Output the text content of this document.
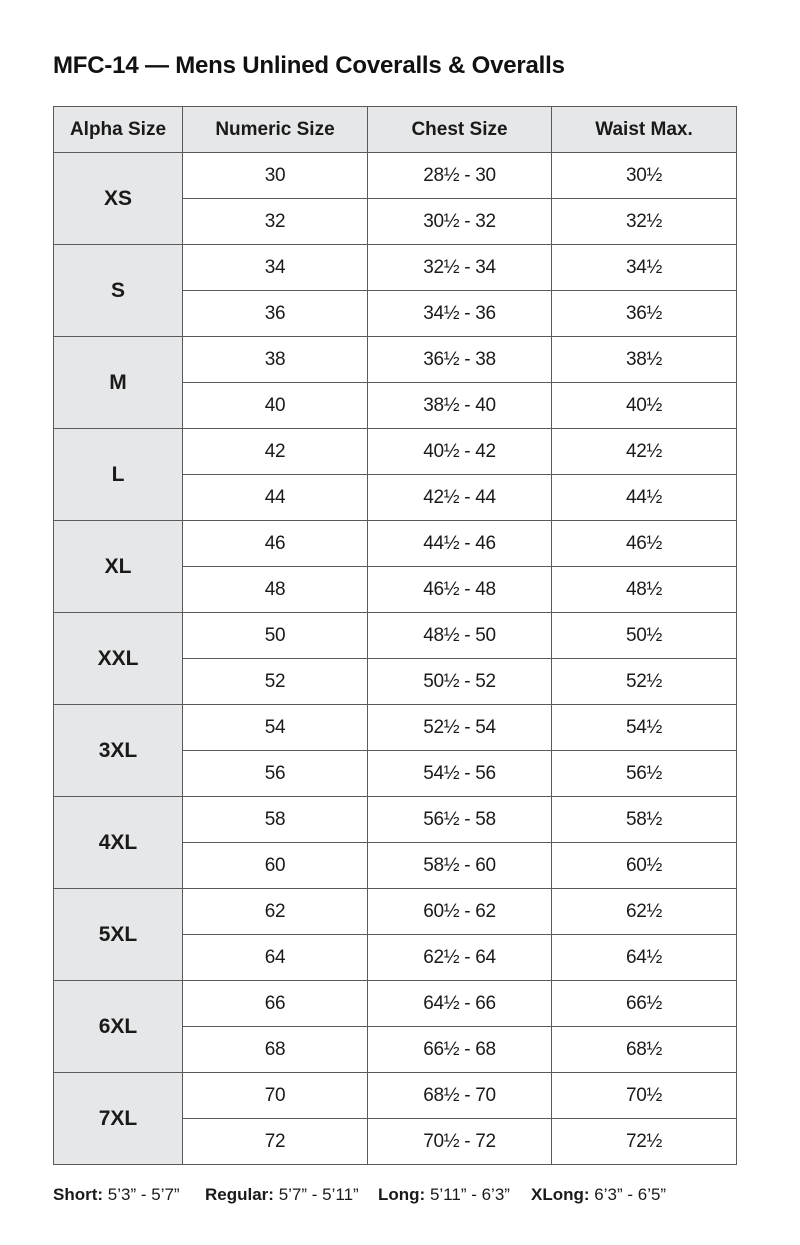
MFC-14 — Mens Unlined Coveralls & Overalls
Alpha Size	Numeric Size	Chest Size	Waist Max.
XS	30	28½ - 30	30½
	32	30½ - 32	32½
S	34	32½ - 34	34½
	36	34½ - 36	36½
M	38	36½ - 38	38½
	40	38½ - 40	40½
L	42	40½ - 42	42½
	44	42½ - 44	44½
XL	46	44½ - 46	46½
	48	46½ - 48	48½
XXL	50	48½ - 50	50½
	52	50½ - 52	52½
3XL	54	52½ - 54	54½
	56	54½ - 56	56½
4XL	58	56½ - 58	58½
	60	58½ - 60	60½
5XL	62	60½ - 62	62½
	64	62½ - 64	64½
6XL	66	64½ - 66	66½
	68	66½ - 68	68½
7XL	70	68½ - 70	70½
	72	70½ - 72	72½
Short: 5’3” - 5’7” Regular: 5’7” - 5’11” Long: 5’11” - 6’3” XLong: 6’3” - 6’5”
